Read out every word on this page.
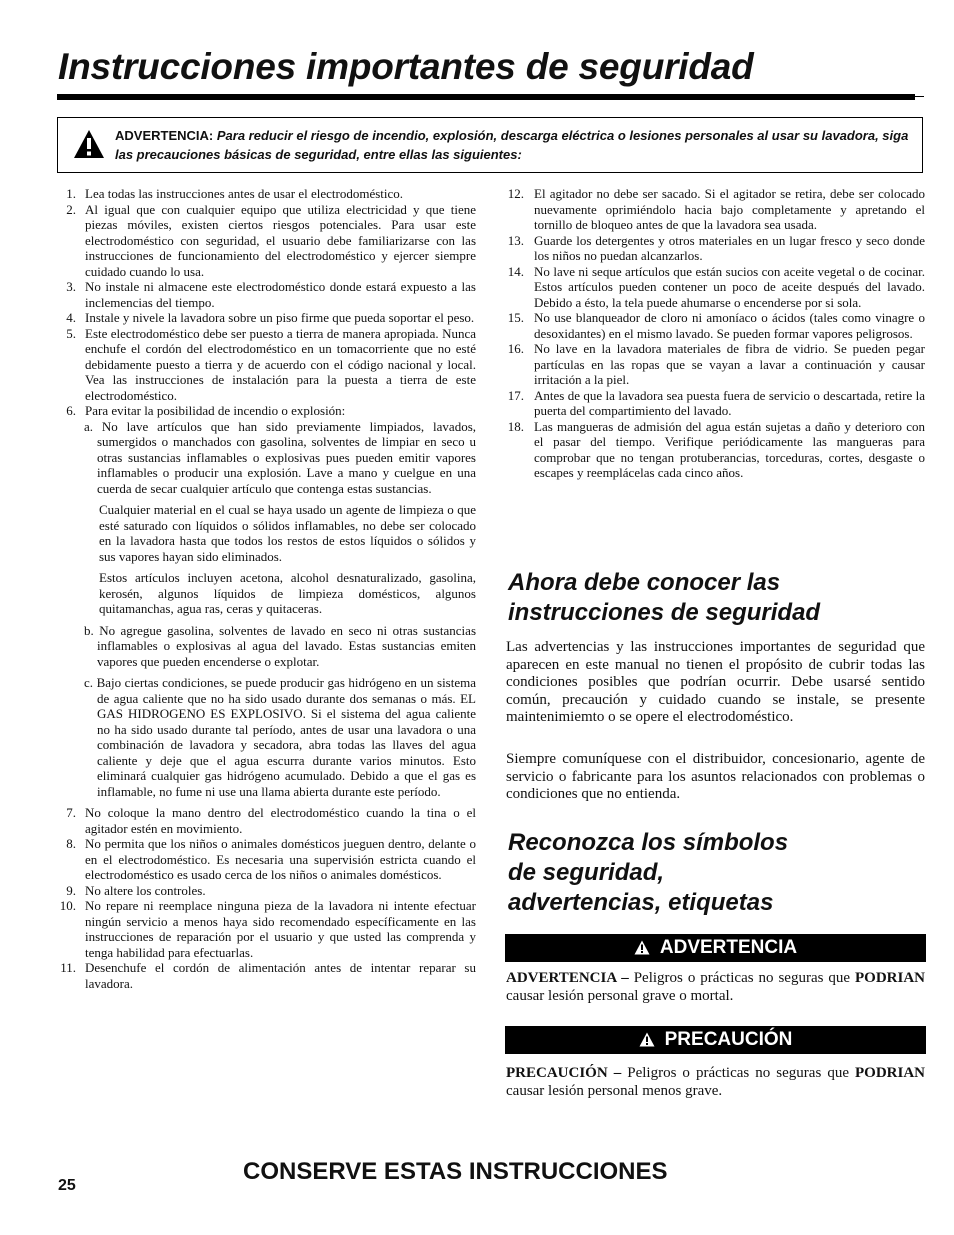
Instrucciones importantes de seguridad
ADVERTENCIA: Para reducir el riesgo de incendio, explosión, descarga eléctrica o lesiones personales al usar su lavadora, siga las precauciones básicas de seguridad, entre ellas las siguientes:
1. Lea todas las instrucciones antes de usar el electrodoméstico.
2. Al igual que con cualquier equipo que utiliza electricidad y que tiene piezas móviles, existen ciertos riesgos potenciales. Para usar este electrodoméstico con seguridad, el usuario debe familiarizarse con las instrucciones de funcionamiento del electrodoméstico y ejercer siempre cuidado cuando lo usa.
3. No instale ni almacene este electrodoméstico donde estará expuesto a las inclemencias del tiempo.
4. Instale y nivele la lavadora sobre un piso firme que pueda soportar el peso.
5. Este electrodoméstico debe ser puesto a tierra de manera apropiada. Nunca enchufe el cordón del electrodoméstico en un tomacorriente que no esté debidamente puesto a tierra y de acuerdo con el código nacional y local. Vea las instrucciones de instalación para la puesta a tierra de este electrodoméstico.
6. Para evitar la posibilidad de incendio o explosión:
a. No lave artículos que han sido previamente limpiados, lavados, sumergidos o manchados con gasolina, solventes de limpiar en seco u otras sustancias inflamables o explosivas pues pueden emitir vapores inflamables o producir una explosión. Lave a mano y cuelgue en una cuerda de secar cualquier artículo que contenga estas sustancias.
Cualquier material en el cual se haya usado un agente de limpieza o que esté saturado con líquidos o sólidos inflamables, no debe ser colocado en la lavadora hasta que todos los restos de estos líquidos o sólidos y sus vapores hayan sido eliminados.
Estos artículos incluyen acetona, alcohol desnaturalizado, gasolina, kerosén, algunos líquidos de limpieza domésticos, algunos quitamanchas, agua ras, ceras y quitaceras.
b. No agregue gasolina, solventes de lavado en seco ni otras sustancias inflamables o explosivas al agua del lavado. Estas sustancias emiten vapores que pueden encenderse o explotar.
c. Bajo ciertas condiciones, se puede producir gas hidrógeno en un sistema de agua caliente que no ha sido usado durante dos semanas o más. EL GAS HIDROGENO ES EXPLOSIVO. Si el sistema del agua caliente no ha sido usado durante tal período, antes de usar una lavadora o una combinación de lavadora y secadora, abra todas las llaves del agua caliente y deje que el agua escurra durante varios minutos. Esto eliminará cualquier gas hidrógeno acumulado. Debido a que el gas es inflamable, no fume ni use una llama abierta durante este período.
7. No coloque la mano dentro del electrodoméstico cuando la tina o el agitador estén en movimiento.
8. No permita que los niños o animales domésticos jueguen dentro, delante o en el electrodoméstico. Es necesaria una supervisión estricta cuando el electrodoméstico es usado cerca de los niños o animales domésticos.
9. No altere los controles.
10. No repare ni reemplace ninguna pieza de la lavadora ni intente efectuar ningún servicio a menos haya sido recomendado específicamente en las instrucciones de reparación por el usuario y que usted las comprenda y tenga habilidad para efectuarlas.
11. Desenchufe el cordón de alimentación antes de intentar reparar su lavadora.
12. El agitador no debe ser sacado. Si el agitador se retira, debe ser colocado nuevamente oprimiéndolo hacia bajo completamente y apretando el tornillo de bloqueo antes de que la lavadora sea usada.
13. Guarde los detergentes y otros materiales en un lugar fresco y seco donde los niños no puedan alcanzarlos.
14. No lave ni seque artículos que están sucios con aceite vegetal o de cocinar. Estos artículos pueden contener un poco de aceite después del lavado. Debido a ésto, la tela puede ahumarse o encenderse por si sola.
15. No use blanqueador de cloro ni amoníaco o ácidos (tales como vinagre o desoxidantes) en el mismo lavado. Se pueden formar vapores peligrosos.
16. No lave en la lavadora materiales de fibra de vidrio. Se pueden pegar partículas en las ropas que se vayan a lavar a continuación y causar irritación a la piel.
17. Antes de que la lavadora sea puesta fuera de servicio o descartada, retire la puerta del compartimiento del lavado.
18. Las mangueras de admisión del agua están sujetas a daño y deterioro con el pasar del tiempo. Verifique periódicamente las mangueras para comprobar que no tengan protuberancias, torceduras, cortes, desgaste o escapes y reemplácelas cada cinco años.
Ahora debe conocer las
instrucciones de seguridad

Las advertencias y las instrucciones importantes de seguridad que aparecen en este manual no tienen el propósito de cubrir todas las condiciones posibles que podrían ocurrir. Debe usarsé sentido común, precaución y cuidado cuando se instale, se presente maintenimiemto o se opere el electrodoméstico.

Siempre comuníquese con el distribuidor, concesionario, agente de servicio o fabricante para los asuntos relacionados con problemas o condiciones que no entienda.

Reconozca los símbolos
de seguridad,
advertencias, etiquetas
ADVERTENCIA

ADVERTENCIA – Peligros o prácticas no seguras que PODRIAN causar lesión personal grave o mortal.

PRECAUCIÓN

PRECAUCIÓN – Peligros o prácticas no seguras que PODRIAN causar lesión personal menos grave.

CONSERVE ESTAS INSTRUCCIONES
25
